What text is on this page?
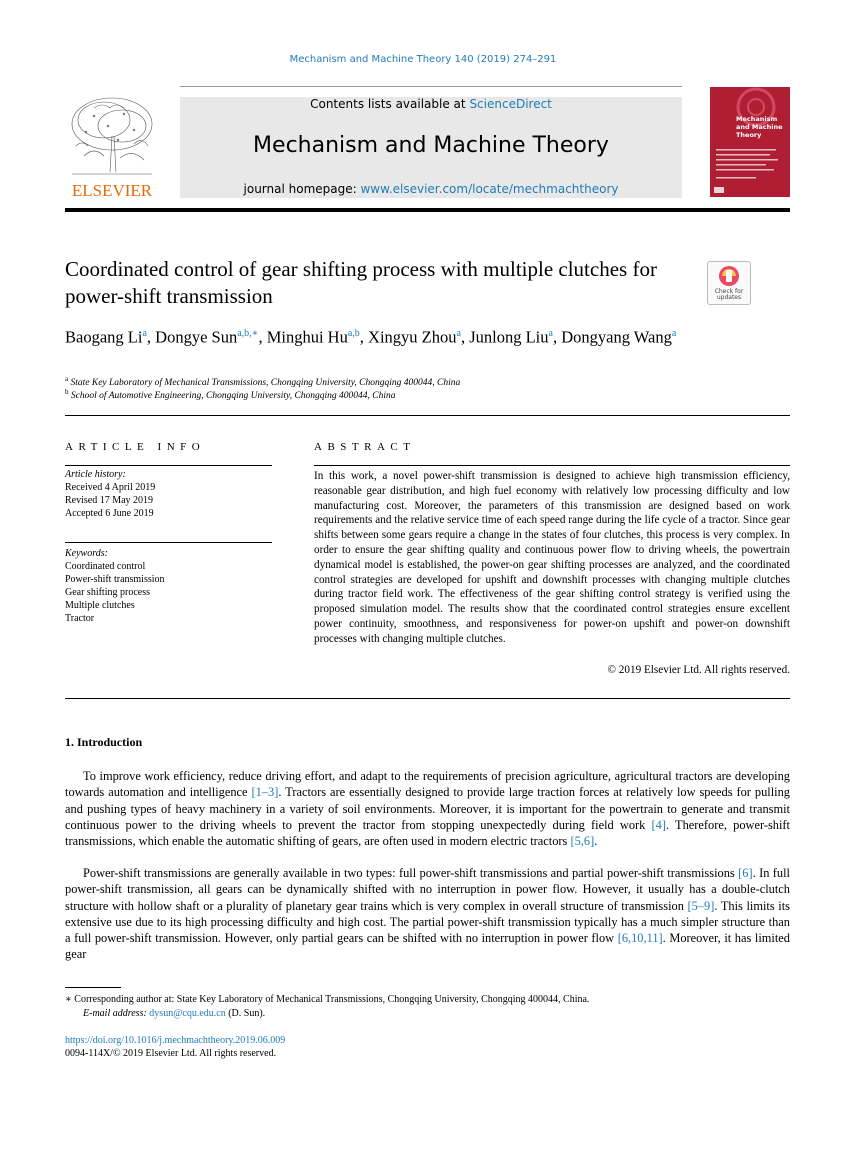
Mechanism and Machine Theory 140 (2019) 274–291
ELSEVIER
Contents lists available at ScienceDirect
Mechanism and Machine Theory
journal homepage: www.elsevier.com/locate/mechmachtheory
Mechanism and Machine Theory
Coordinated control of gear shifting process with multiple clutches for power-shift transmission	Check for updates
Baogang Li$^a$, Dongye Sun$^{a,b,∗}$, Minghui Hu$^{a,b}$, Xingyu Zhou$^a$, Junlong Liu$^a$, Dongyang Wang$^a$
$^a$ State Key Laboratory of Mechanical Transmissions, Chongqing University, Chongqing 400044, China
$^b$ School of Automotive Engineering, Chongqing University, Chongqing 400044, China
ARTICLE INFO
Article history:
Received 4 April 2019
Revised 17 May 2019
Accepted 6 June 2019
Keywords:
Coordinated control
Power-shift transmission
Gear shifting process
Multiple clutches
Tractor
ABSTRACT

In this work, a novel power-shift transmission is designed to achieve high transmission efficiency, reasonable gear distribution, and high fuel economy with relatively low processing difficulty and low manufacturing cost. Moreover, the parameters of this transmission are designed based on work requirements and the relative service time of each speed range during the life cycle of a tractor. Since gear shifts between some gears require a change in the states of four clutches, this process is very complex. In order to ensure the gear shifting quality and continuous power flow to driving wheels, the powertrain dynamical model is established, the power-on gear shifting processes are analyzed, and the coordinated control strategies are developed for upshift and downshift processes with changing multiple clutches during tractor field work. The effectiveness of the gear shifting control strategy is verified using the proposed simulation model. The results show that the coordinated control strategies ensure excellent power continuity, smoothness, and responsiveness for power-on upshift and power-on downshift processes with changing multiple clutches.

© 2019 Elsevier Ltd. All rights reserved.
1. Introduction

To improve work efficiency, reduce driving effort, and adapt to the requirements of precision agriculture, agricultural tractors are developing towards automation and intelligence [1–3]. Tractors are essentially designed to provide large traction forces at relatively low speeds for pulling and pushing types of heavy machinery in a variety of soil environments. Moreover, it is important for the powertrain to generate and transmit continuous power to the driving wheels to prevent the tractor from stopping unexpectedly during field work [4]. Therefore, power-shift transmissions, which enable the automatic shifting of gears, are often used in modern electric tractors [5,6].

Power-shift transmissions are generally available in two types: full power-shift transmissions and partial power-shift transmissions [6]. In full power-shift transmission, all gears can be dynamically shifted with no interruption in power flow. However, it usually has a double-clutch structure with hollow shaft or a plurality of planetary gear trains which is very complex in overall structure of transmission [5–9]. This limits its extensive use due to its high processing difficulty and high cost. The partial power-shift transmission typically has a much simpler structure than a full power-shift transmission. However, only partial gears can be shifted with no interruption in power flow [6,10,11]. Moreover, it has limited gear

∗ Corresponding author at: State Key Laboratory of Mechanical Transmissions, Chongqing University, Chongqing 400044, China.
E-mail address: dysun@cqu.edu.cn (D. Sun).
https://doi.org/10.1016/j.mechmachtheory.2019.06.009
0094-114X/© 2019 Elsevier Ltd. All rights reserved.
